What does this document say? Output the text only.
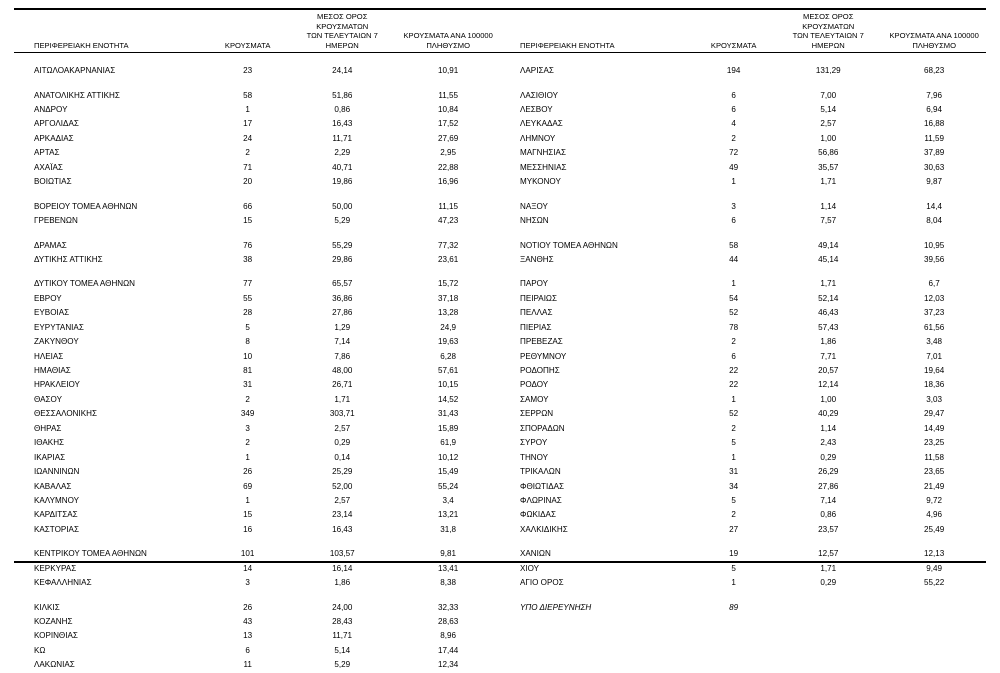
ΠΕΡΙΦΕΡΕΙΑΚΗ ΕΝΟΤΗΤΑ	ΚΡΟΥΣΜΑΤΑ	ΜΕΣΟΣ ΟΡΟΣ ΚΡΟΥΣΜΑΤΩΝ
ΤΩΝ ΤΕΛΕΥΤΑΙΩΝ 7 ΗΜΕΡΩΝ	ΚΡΟΥΣΜΑΤΑ ΑΝΑ 100000
ΠΛΗΘΥΣΜΟ

ΑΙΤΩΛΟΑΚΑΡΝΑΝΙΑΣ	23	24,14	10,91

ΑΝΑΤΟΛΙΚΗΣ ΑΤΤΙΚΗΣ	58	51,86	11,55
ΑΝΔΡΟΥ	1	0,86	10,84
ΑΡΓΟΛΙΔΑΣ	17	16,43	17,52
ΑΡΚΑΔΙΑΣ	24	11,71	27,69
ΑΡΤΑΣ	2	2,29	2,95
ΑΧΑΪΑΣ	71	40,71	22,88
ΒΟΙΩΤΙΑΣ	20	19,86	16,96

ΒΟΡΕΙΟΥ ΤΟΜΕΑ ΑΘΗΝΩΝ	66	50,00	11,15
ΓΡΕΒΕΝΩΝ	15	5,29	47,23

ΔΡΑΜΑΣ	76	55,29	77,32
ΔΥΤΙΚΗΣ ΑΤΤΙΚΗΣ	38	29,86	23,61

ΔΥΤΙΚΟΥ ΤΟΜΕΑ ΑΘΗΝΩΝ	77	65,57	15,72
ΕΒΡΟΥ	55	36,86	37,18
ΕΥΒΟΙΑΣ	28	27,86	13,28
ΕΥΡΥΤΑΝΙΑΣ	5	1,29	24,9
ΖΑΚΥΝΘΟΥ	8	7,14	19,63
ΗΛΕΙΑΣ	10	7,86	6,28
ΗΜΑΘΙΑΣ	81	48,00	57,61
ΗΡΑΚΛΕΙΟΥ	31	26,71	10,15
ΘΑΣΟΥ	2	1,71	14,52
ΘΕΣΣΑΛΟΝΙΚΗΣ	349	303,71	31,43
ΘΗΡΑΣ	3	2,57	15,89
ΙΘΑΚΗΣ	2	0,29	61,9
ΙΚΑΡΙΑΣ	1	0,14	10,12
ΙΩΑΝΝΙΝΩΝ	26	25,29	15,49
ΚΑΒΑΛΑΣ	69	52,00	55,24
ΚΑΛΥΜΝΟΥ	1	2,57	3,4
ΚΑΡΔΙΤΣΑΣ	15	23,14	13,21
ΚΑΣΤΟΡΙΑΣ	16	16,43	31,8

ΚΕΝΤΡΙΚΟΥ ΤΟΜΕΑ ΑΘΗΝΩΝ	101	103,57	9,81
ΚΕΡΚΥΡΑΣ	14	16,14	13,41
ΚΕΦΑΛΛΗΝΙΑΣ	3	1,86	8,38

ΚΙΛΚΙΣ	26	24,00	32,33
ΚΟΖΑΝΗΣ	43	28,43	28,63
ΚΟΡΙΝΘΙΑΣ	13	11,71	8,96
ΚΩ	6	5,14	17,44
ΛΑΚΩΝΙΑΣ	11	5,29	12,34
ΠΕΡΙΦΕΡΕΙΑΚΗ ΕΝΟΤΗΤΑ	ΚΡΟΥΣΜΑΤΑ	ΜΕΣΟΣ ΟΡΟΣ ΚΡΟΥΣΜΑΤΩΝ
ΤΩΝ ΤΕΛΕΥΤΑΙΩΝ 7 ΗΜΕΡΩΝ	ΚΡΟΥΣΜΑΤΑ ΑΝΑ 100000
ΠΛΗΘΥΣΜΟ

ΛΑΡΙΣΑΣ	194	131,29	68,23

ΛΑΣΙΘΙΟΥ	6	7,00	7,96
ΛΕΣΒΟΥ	6	5,14	6,94
ΛΕΥΚΑΔΑΣ	4	2,57	16,88
ΛΗΜΝΟΥ	2	1,00	11,59
ΜΑΓΝΗΣΙΑΣ	72	56,86	37,89
ΜΕΣΣΗΝΙΑΣ	49	35,57	30,63
ΜΥΚΟΝΟΥ	1	1,71	9,87

ΝΑΞΟΥ	3	1,14	14,4
ΝΗΣΩΝ	6	7,57	8,04

ΝΟΤΙΟΥ ΤΟΜΕΑ ΑΘΗΝΩΝ	58	49,14	10,95
ΞΑΝΘΗΣ	44	45,14	39,56

ΠΑΡΟΥ	1	1,71	6,7
ΠΕΙΡΑΙΩΣ	54	52,14	12,03
ΠΕΛΛΑΣ	52	46,43	37,23
ΠΙΕΡΙΑΣ	78	57,43	61,56
ΠΡΕΒΕΖΑΣ	2	1,86	3,48
ΡΕΘΥΜΝΟΥ	6	7,71	7,01
ΡΟΔΟΠΗΣ	22	20,57	19,64
ΡΟΔΟΥ	22	12,14	18,36
ΣΑΜΟΥ	1	1,00	3,03
ΣΕΡΡΩΝ	52	40,29	29,47
ΣΠΟΡΑΔΩΝ	2	1,14	14,49
ΣΥΡΟΥ	5	2,43	23,25
ΤΗΝΟΥ	1	0,29	11,58
ΤΡΙΚΑΛΩΝ	31	26,29	23,65
ΦΘΙΩΤΙΔΑΣ	34	27,86	21,49
ΦΛΩΡΙΝΑΣ	5	7,14	9,72
ΦΩΚΙΔΑΣ	2	0,86	4,96
ΧΑΛΚΙΔΙΚΗΣ	27	23,57	25,49

ΧΑΝΙΩΝ	19	12,57	12,13
ΧΙΟΥ	5	1,71	9,49
ΑΓΙΟ ΟΡΟΣ	1	0,29	55,22

ΥΠΟ ΔΙΕΡΕΥΝΗΣΗ	89		
